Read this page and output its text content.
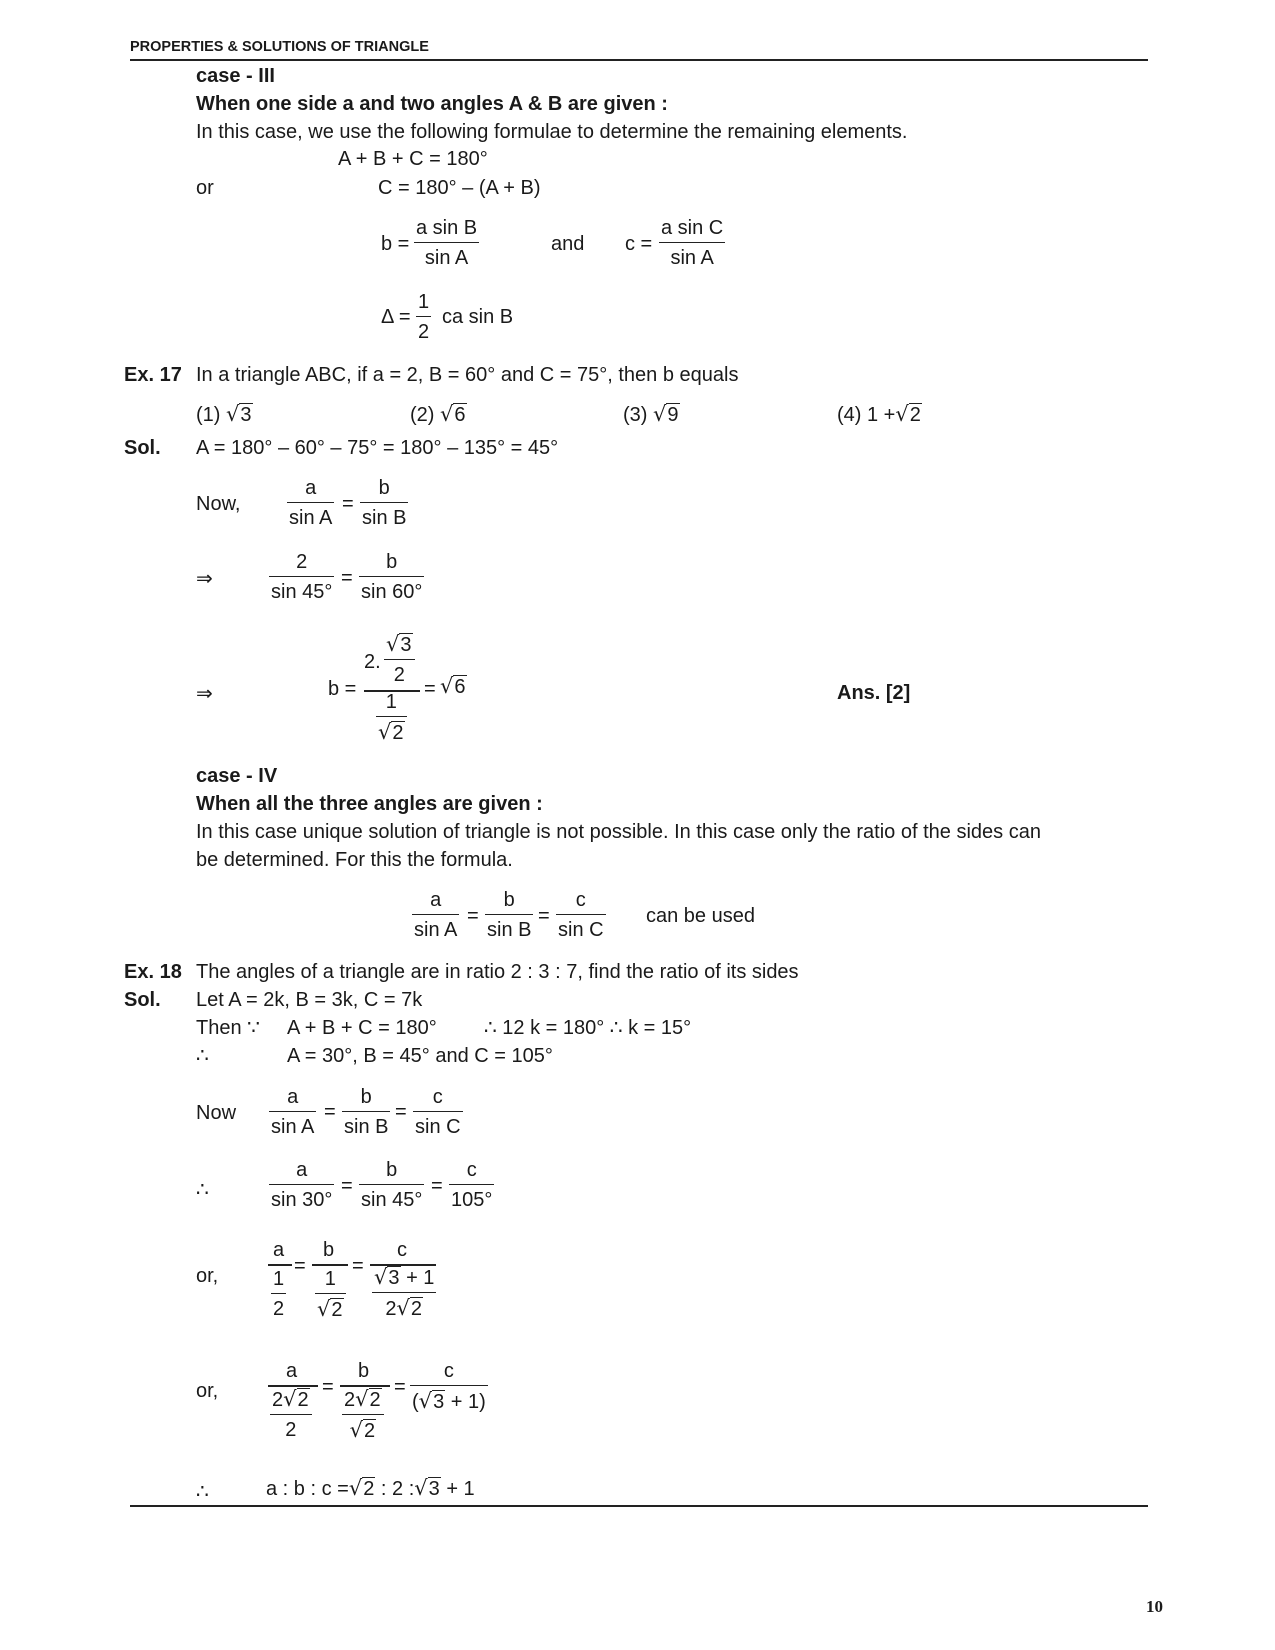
PROPERTIES & SOLUTIONS OF TRIANGLE
case - III
When one side a and two angles A & B are given :
In this case, we use the following formulae to determine the remaining elements.
A + B + C = 180°
or	C = 180° – (A + B)
$b = \frac{\text{a sin B}}{\text{sin A}}$	and $c = \frac{\text{a sin C}}{\text{sin A}}$
$\Delta = \frac{1}{2}$ ca sin B
Ex. 17 In a triangle ABC, if a = 2, B = 60° and C = 75°, then b equals
(1) √3	(2) √6	(3) √9	(4) 1 +√2
Sol. A = 180° – 60° – 75° = 180° – 135° = 45°
Now, $\frac{a}{\text{sin A}} = \frac{b}{\text{sin B}}$
⇒	$\frac{2}{\sin 45^\circ} = \frac{b}{\sin 60^\circ}$
⇒	b =
2. $\frac{√3}{2}$
$\frac{1}{√2}$
= √6	Ans. [2]
case - IV
When all the three angles are given :
In this case unique solution of triangle is not possible. In this case only the ratio of the sides can
be determined. For this the formula.
$\frac{a}{\text{sin A}} = \frac{b}{\text{sin B}} = \frac{c}{\text{sin C}}$ can be used
Ex. 18 The angles of a triangle are in ratio 2 : 3 : 7, find the ratio of its sides
Sol. Let A = 2k, B = 3k, C = 7k
Then ∵ A + B + C = 180° ∴ 12 k = 180° ∴ k = 15°
∴	A = 30°, B = 45° and C = 105°
Now $\frac{a}{\text{sin A}} = \frac{b}{\text{sin B}} = \frac{c}{\text{sin C}}$
∴	$\frac{a}{\sin 30^\circ} = \frac{b}{\sin 45^\circ} = \frac{c}{105^\circ}$
or,
a
$\frac{1}{2}$
=
b
$\frac{1}{√2}$
=
c
$\frac{√3 + 1}{2√2}$
or,
a
$\frac{2√2}{2}$
=
b
$\frac{2√2}{√2}$
= $\frac{c}{(√3 + 1)}$
∴	a : b : c =√2 : 2 :√3 + 1
10
